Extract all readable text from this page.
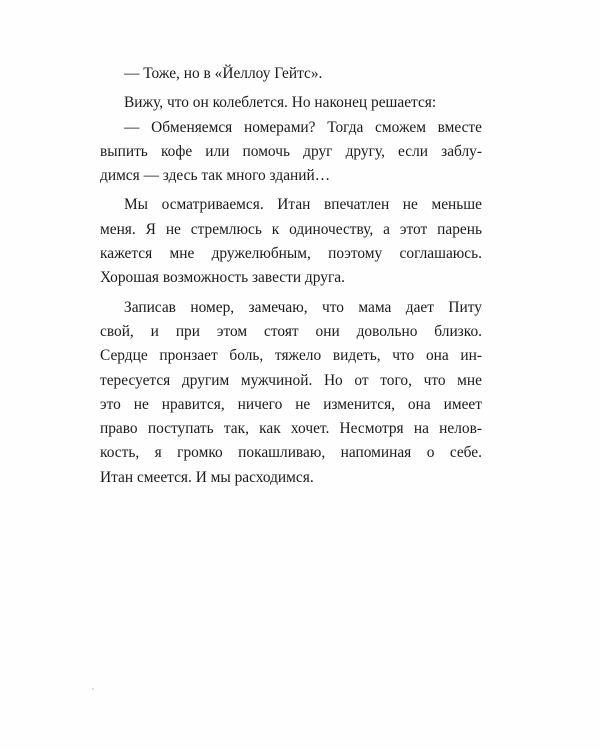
— Тоже, но в «Йеллоу Гейтс».
Вижу, что он колеблется. Но наконец решается:
— Обменяемся номерами? Тогда сможем вместе
выпить кофе или помочь друг другу, если заблу-
димся — здесь так много зданий…
Мы осматриваемся. Итан впечатлен не меньше
меня. Я не стремлюсь к одиночеству, а этот парень
кажется мне дружелюбным, поэтому соглашаюсь.
Хорошая возможность завести друга.
Записав номер, замечаю, что мама дает Питу
свой, и при этом стоят они довольно близко.
Сердце пронзает боль, тяжело видеть, что она ин-
тересуется другим мужчиной. Но от того, что мне
это не нравится, ничего не изменится, она имеет
право поступать так, как хочет. Несмотря на нелов-
кость, я громко покашливаю, напоминая о себе.
Итан смеется. И мы расходимся.
